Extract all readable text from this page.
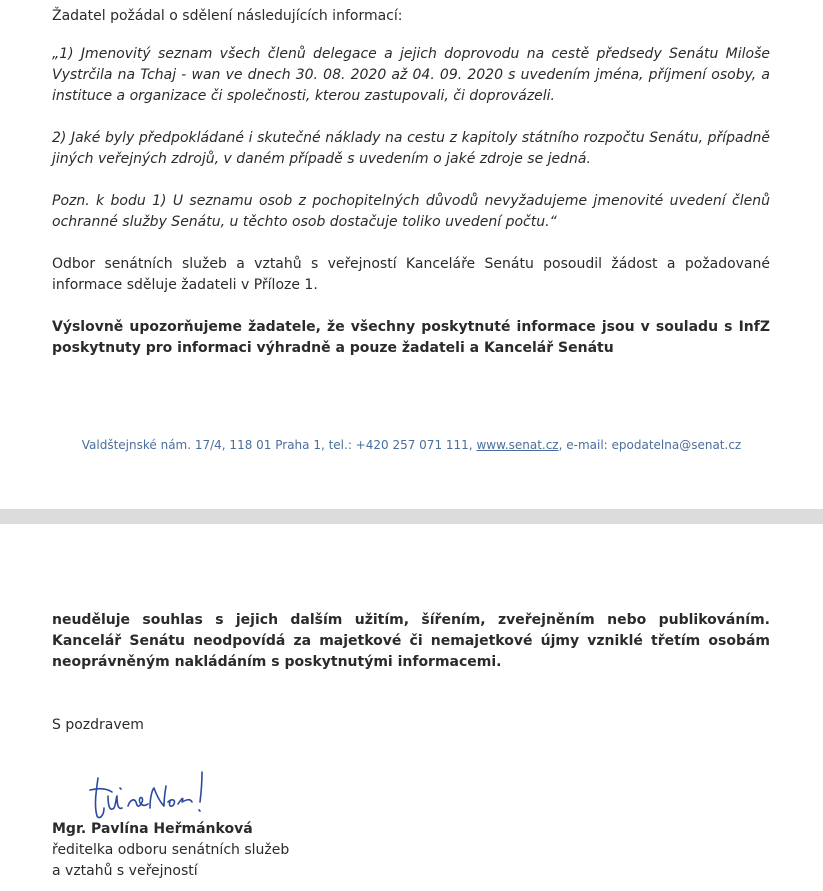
Žadatel požádal o sdělení následujících informací:

„1) Jmenovitý seznam všech členů delegace a jejich doprovodu na cestě předsedy Senátu Miloše Vystrčila na Tchaj - wan ve dnech 30. 08. 2020 až 04. 09. 2020 s uvedením jména, příjmení osoby, a instituce a organizace či společnosti, kterou zastupovali, či doprovázeli.

2) Jaké byly předpokládané i skutečné náklady na cestu z kapitoly státního rozpočtu Senátu, případně jiných veřejných zdrojů, v daném případě s uvedením o jaké zdroje se jedná.

Pozn. k bodu 1) U seznamu osob z pochopitelných důvodů nevyžadujeme jmenovité uvedení členů ochranné služby Senátu, u těchto osob dostačuje toliko uvedení počtu.“

Odbor senátních služeb a vztahů s veřejností Kanceláře Senátu posoudil žádost a požadované informace sděluje žadateli v Příloze 1.

Výslovně upozorňujeme žadatele, že všechny poskytnuté informace jsou v souladu s InfZ poskytnuty pro informaci výhradně a pouze žadateli a Kancelář Senátu

Valdštejnské nám. 17/4, 118 01 Praha 1, tel.: +420 257 071 111, www.senat.cz, e-mail: epodatelna@senat.cz

neuděluje souhlas s jejich dalším užitím, šířením, zveřejněním nebo publikováním. Kancelář Senátu neodpovídá za majetkové či nemajetkové újmy vzniklé třetím osobám neoprávněným nakládáním s poskytnutými informacemi.

S pozdravem

Mgr. Pavlína Heřmánková
ředitelka odboru senátních služeb
a vztahů s veřejností
